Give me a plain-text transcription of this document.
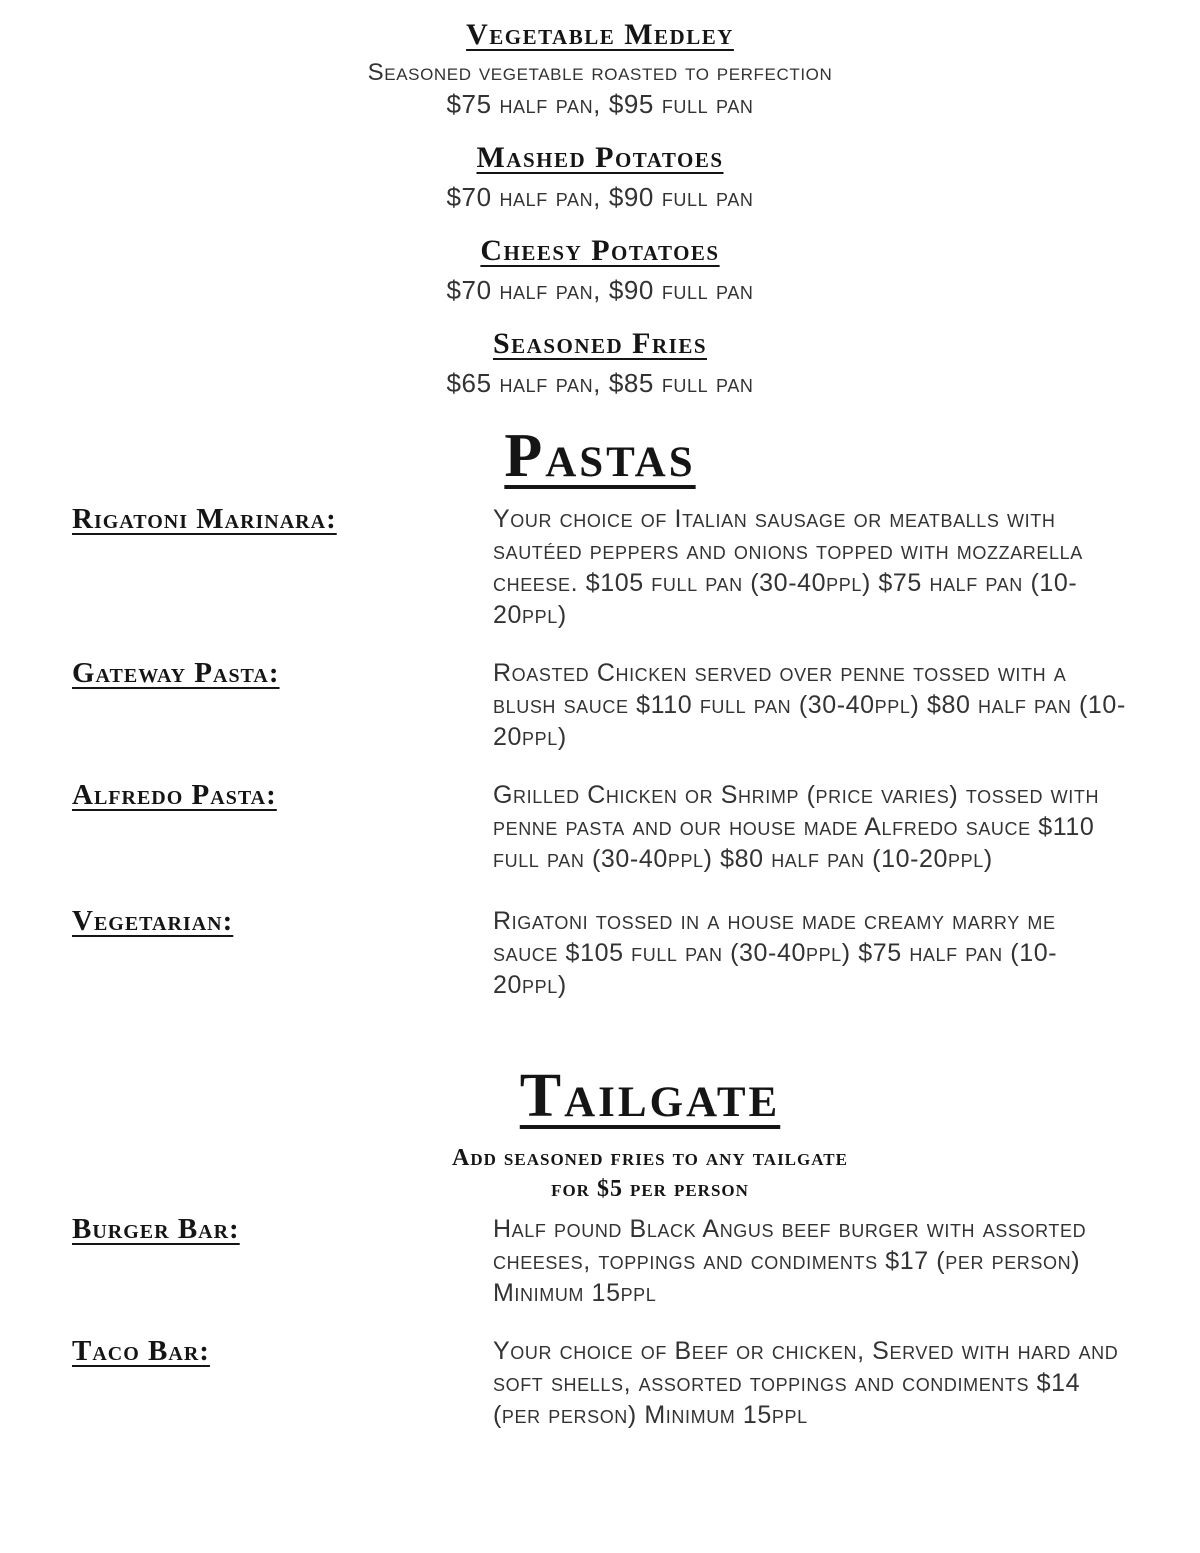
Vegetable Medley
Seasoned vegetable roasted to perfection
$75 half pan, $95 full pan
Mashed Potatoes
$70 half pan, $90 full pan
Cheesy Potatoes
$70 half pan, $90 full pan
Seasoned Fries
$65 half pan, $85 full pan
Pastas
Rigatoni Marinara:	Your choice of Italian sausage or meatballs with sautéed peppers and onions topped with mozzarella cheese. $105 full pan (30-40ppl) $75 half pan (10-20ppl)
Gateway Pasta:	Roasted Chicken served over penne tossed with a blush sauce $110 full pan (30-40ppl) $80 half pan (10-20ppl)
Alfredo Pasta:	Grilled Chicken or Shrimp (price varies) tossed with penne pasta and our house made Alfredo sauce $110 full pan (30-40ppl) $80 half pan (10-20ppl)
Vegetarian:	Rigatoni tossed in a house made creamy marry me sauce $105 full pan (30-40ppl) $75 half pan (10-20ppl)
Tailgate
Add seasoned fries to any tailgate
for $5 per person
Burger Bar:	Half pound Black Angus beef burger with assorted cheeses, toppings and condiments $17 (per person) Minimum 15ppl
Taco Bar:	Your choice of Beef or chicken, Served with hard and soft shells, assorted toppings and condiments $14 (per person) Minimum 15ppl
